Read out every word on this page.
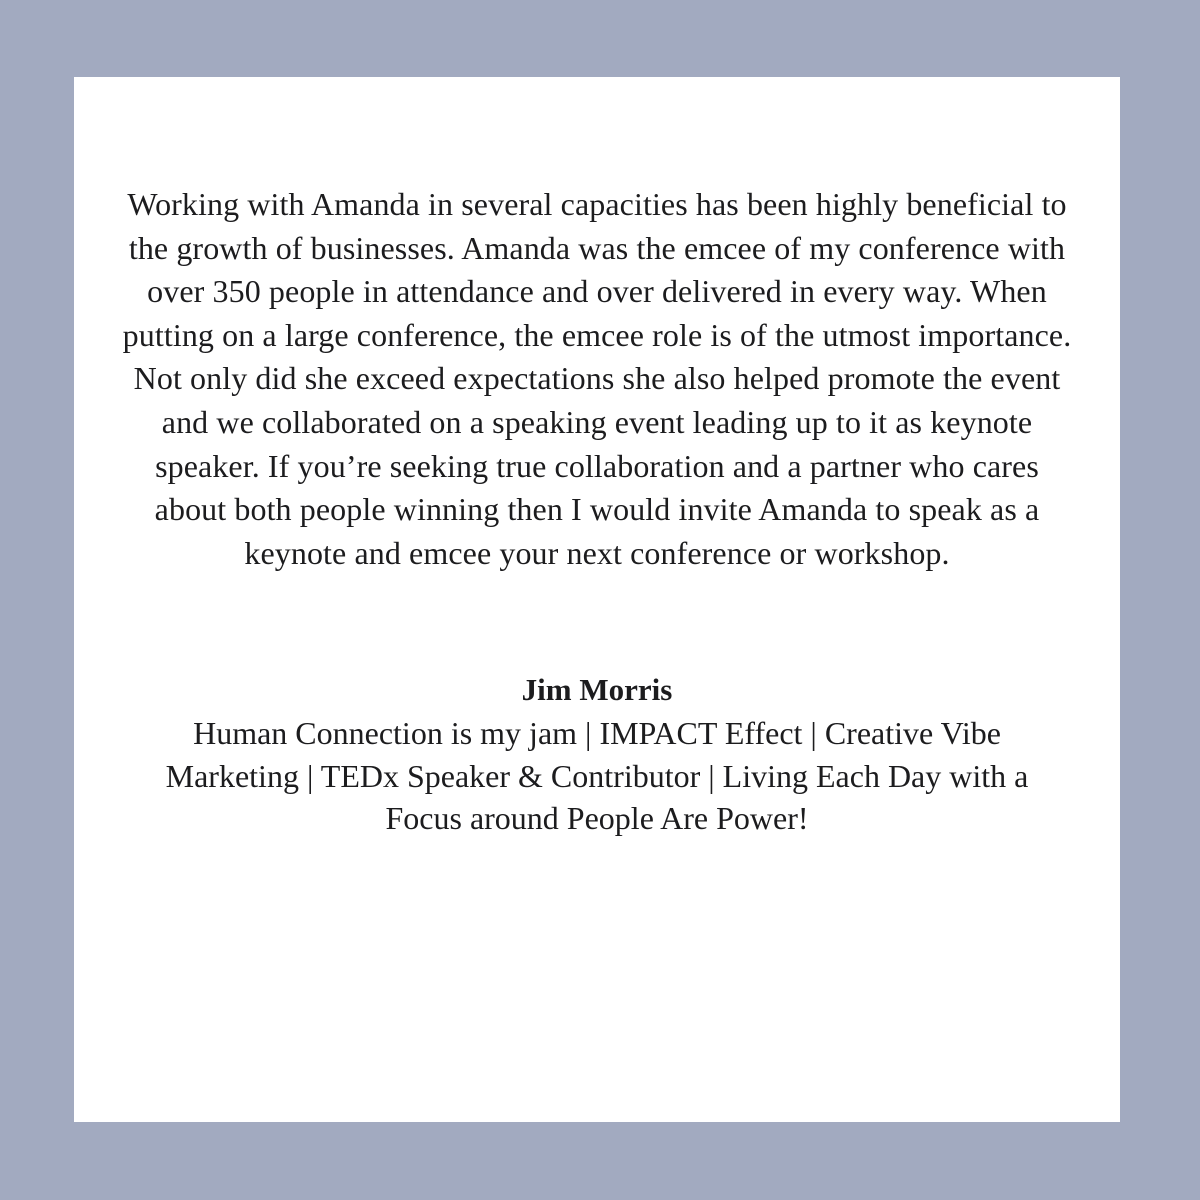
Working with Amanda in several capacities has been highly beneficial to the growth of businesses. Amanda was the emcee of my conference with over 350 people in attendance and over delivered in every way. When putting on a large conference, the emcee role is of the utmost importance. Not only did she exceed expectations she also helped promote the event and we collaborated on a speaking event leading up to it as keynote speaker. If you’re seeking true collaboration and a partner who cares about both people winning then I would invite Amanda to speak as a keynote and emcee your next conference or workshop.

Jim Morris

Human Connection is my jam | IMPACT Effect | Creative Vibe Marketing | TEDx Speaker & Contributor | Living Each Day with a Focus around People Are Power!
